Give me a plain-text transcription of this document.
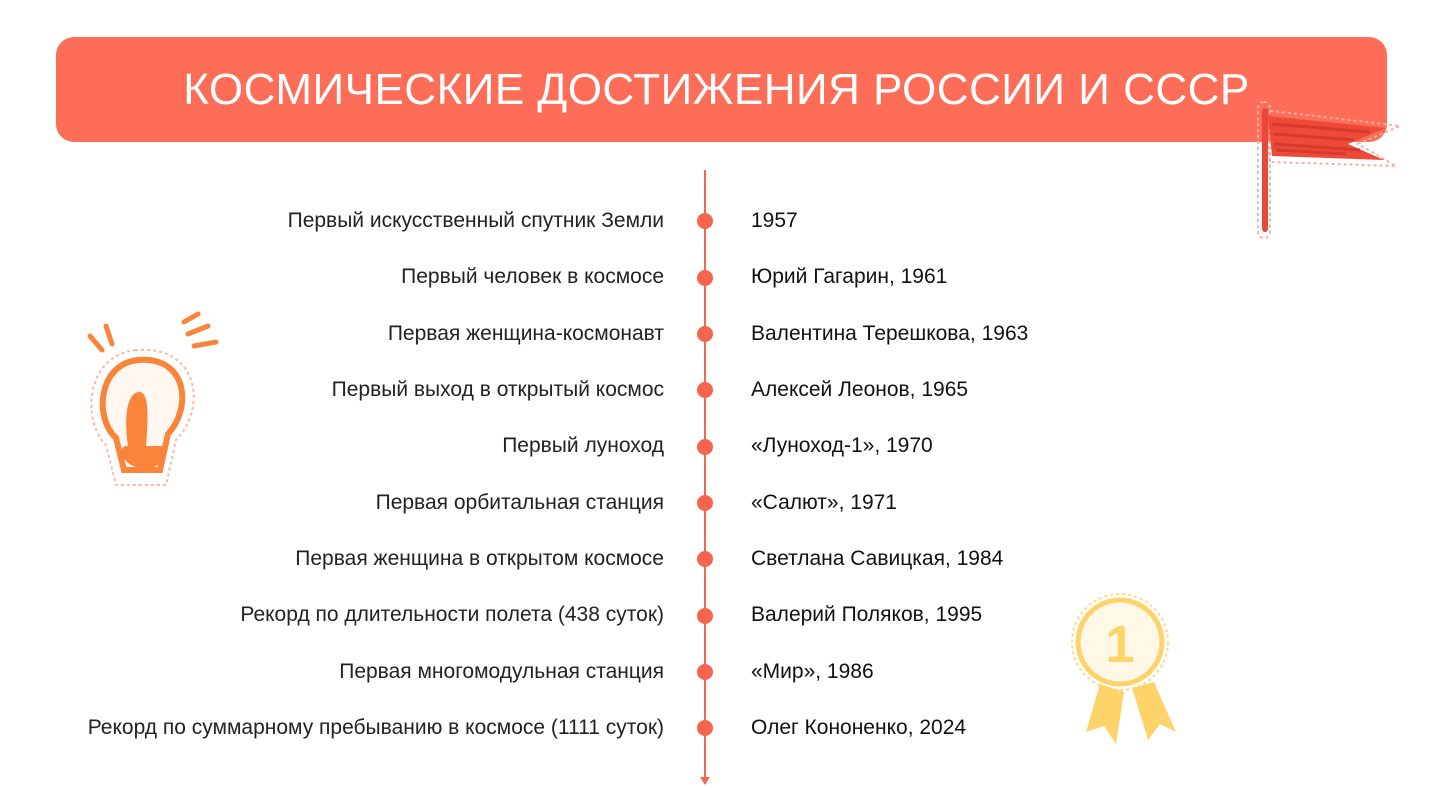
КОСМИЧЕСКИЕ ДОСТИЖЕНИЯ РОССИИ И СССР
1
Первый искусственный спутник Земли	1957
Первый человек в космосе	Юрий Гагарин, 1961
Первая женщина-космонавт	Валентина Терешкова, 1963
Первый выход в открытый космос	Алексей Леонов, 1965
Первый луноход	«Луноход-1», 1970
Первая орбитальная станция	«Салют», 1971
Первая женщина в открытом космосе	Светлана Савицкая, 1984
Рекорд по длительности полета (438 суток)	Валерий Поляков, 1995
Первая многомодульная станция	«Мир», 1986
Рекорд по суммарному пребыванию в космосе (1111 суток)	Олег Кононенко, 2024
